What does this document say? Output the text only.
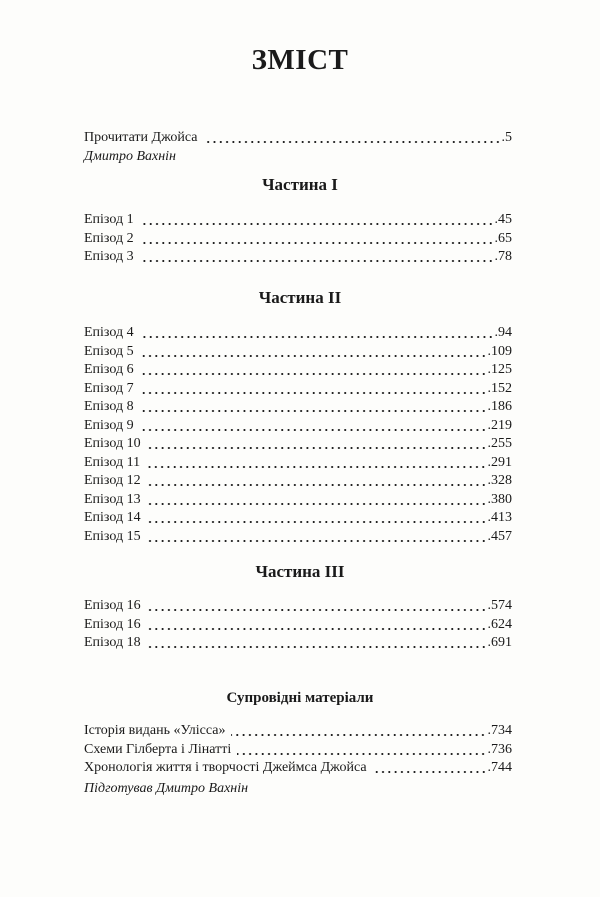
ЗМІСТ
Прочитати Джойса	.5
Дмитро Вахнін
Частина I
Епізод 1	.45
Епізод 2	.65
Епізод 3	.78
Частина II
Епізод 4	.94
Епізод 5	.109
Епізод 6	.125
Епізод 7	.152
Епізод 8	.186
Епізод 9	.219
Епізод 10	.255
Епізод 11	.291
Епізод 12	.328
Епізод 13	.380
Епізод 14	.413
Епізод 15	.457
Частина III
Епізод 16	.574
Епізод 16	.624
Епізод 18	.691
Супровідні матеріали
Історія видань «Улісса»	.734
Схеми Гілберта і Лінатті	.736
Хронологія життя і творчості Джеймса Джойса	.744
Підготував Дмитро Вахнін
